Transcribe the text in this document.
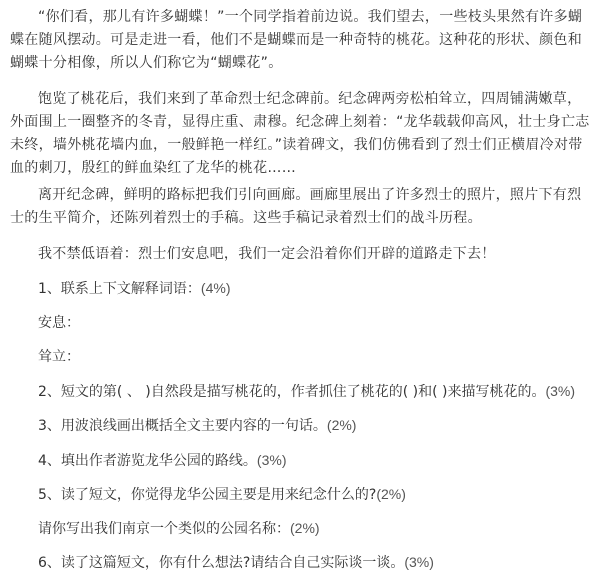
“你们看，那儿有许多蝴蝶！”一个同学指着前边说。我们望去，一些枝头果然有许多蝴蝶在随风摆动。可是走进一看，他们不是蝴蝶而是一种奇特的桃花。这种花的形状、颜色和蝴蝶十分相像，所以人们称它为“蝴蝶花”。

饱览了桃花后，我们来到了革命烈士纪念碑前。纪念碑两旁松柏耸立，四周铺满嫩草，外面围上一圈整齐的冬青，显得庄重、肃穆。纪念碑上刻着：“龙华载载仰高风，壮士身亡志未终，墙外桃花墙内血，一般鲜艳一样红。”读着碑文，我们仿佛看到了烈士们正横眉冷对带血的刺刀，殷红的鲜血染红了龙华的桃花……

离开纪念碑，鲜明的路标把我们引向画廊。画廊里展出了许多烈士的照片，照片下有烈士的生平简介，还陈列着烈士的手稿。这些手稿记录着烈士们的战斗历程。

我不禁低语着：烈士们安息吧，我们一定会沿着你们开辟的道路走下去！

1、联系上下文解释词语：(4%)

安息：

耸立：

2、短文的第( 、 )自然段是描写桃花的，作者抓住了桃花的( )和( )来描写桃花的。(3%)

3、用波浪线画出概括全文主要内容的一句话。(2%)

4、填出作者游览龙华公园的路线。(3%)

5、读了短文，你觉得龙华公园主要是用来纪念什么的?(2%)

请你写出我们南京一个类似的公园名称：(2%)

6、读了这篇短文，你有什么想法?请结合自己实际谈一谈。(3%)
